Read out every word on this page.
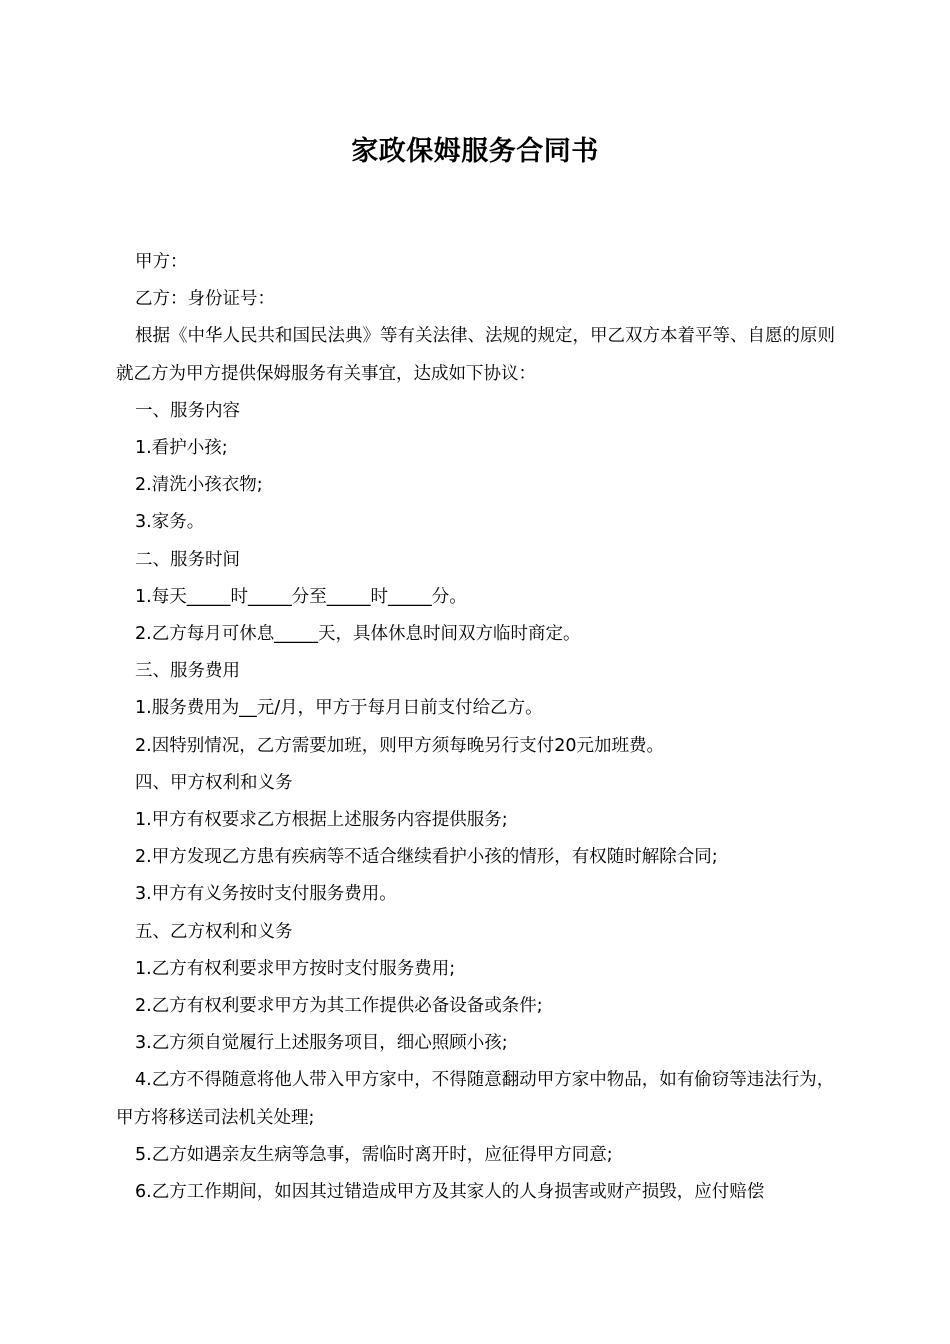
家政保姆服务合同书

甲方：

乙方：身份证号：

根据《中华人民共和国民法典》等有关法律、法规的规定，甲乙双方本着平等、自愿的原则就乙方为甲方提供保姆服务有关事宜，达成如下协议：

一、服务内容

1.看护小孩;

2.清洗小孩衣物;

3.家务。

二、服务时间

1.每天_____时_____分至_____时_____分。

2.乙方每月可休息_____天，具体休息时间双方临时商定。

三、服务费用

1.服务费用为__元/月，甲方于每月日前支付给乙方。

2.因特别情况，乙方需要加班，则甲方须每晚另行支付20元加班费。

四、甲方权利和义务

1.甲方有权要求乙方根据上述服务内容提供服务;

2.甲方发现乙方患有疾病等不适合继续看护小孩的情形，有权随时解除合同;

3.甲方有义务按时支付服务费用。

五、乙方权利和义务

1.乙方有权利要求甲方按时支付服务费用;

2.乙方有权利要求甲方为其工作提供必备设备或条件;

3.乙方须自觉履行上述服务项目，细心照顾小孩;

4.乙方不得随意将他人带入甲方家中，不得随意翻动甲方家中物品，如有偷窃等违法行为，甲方将移送司法机关处理;

5.乙方如遇亲友生病等急事，需临时离开时，应征得甲方同意;

6.乙方工作期间，如因其过错造成甲方及其家人的人身损害或财产损毁，应付赔偿
